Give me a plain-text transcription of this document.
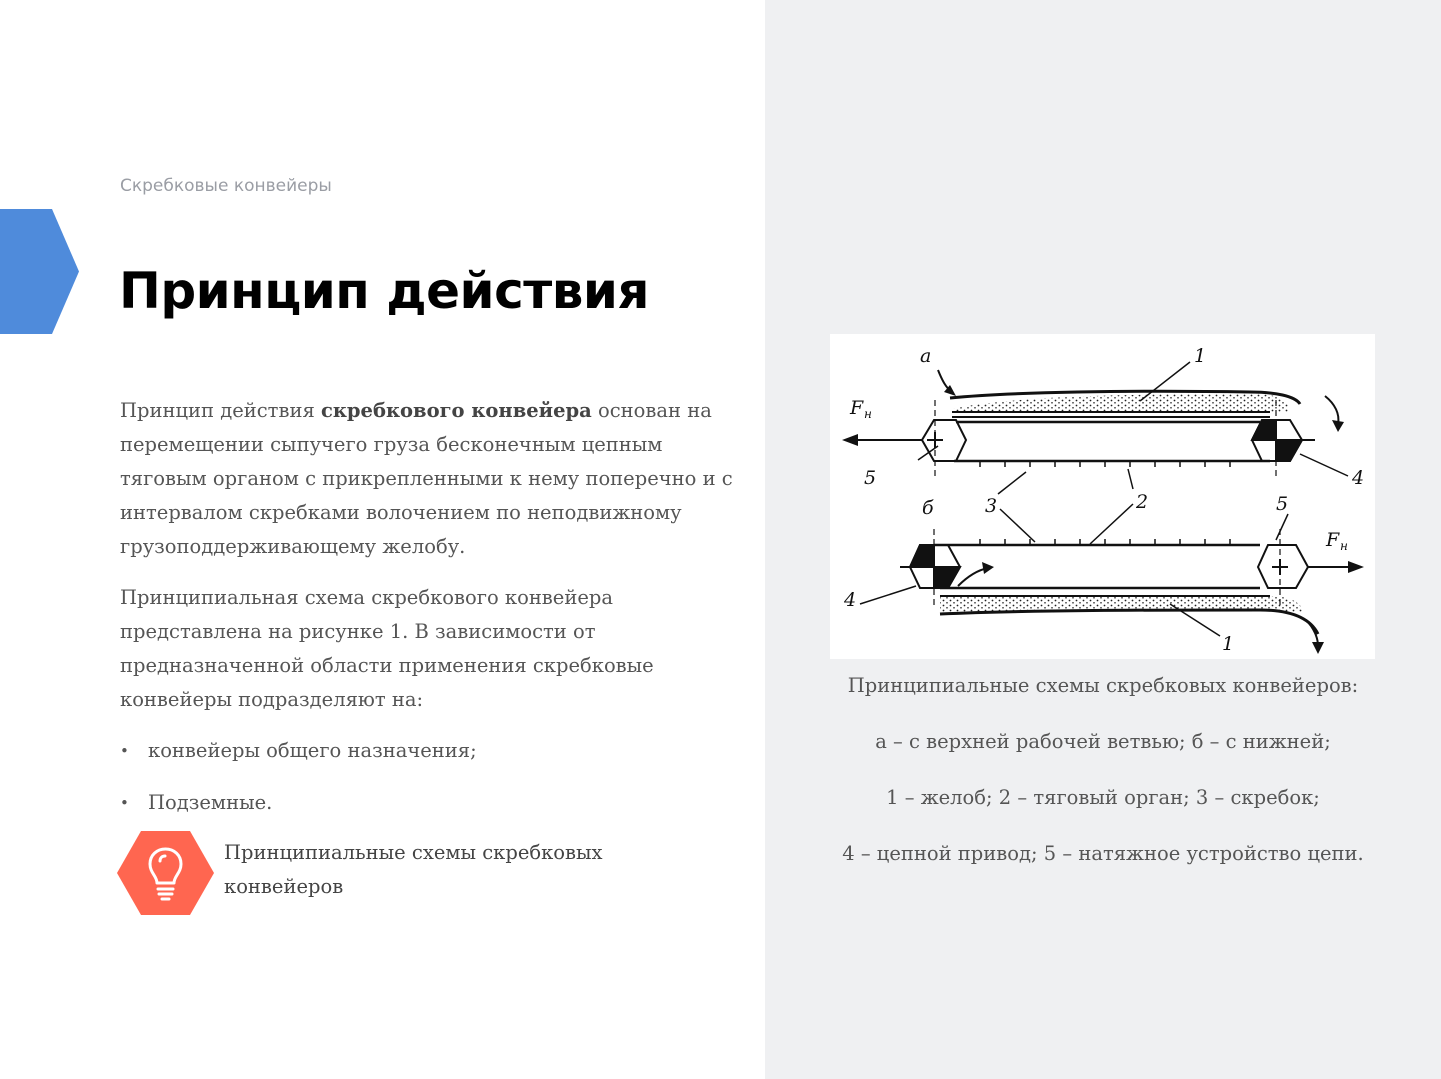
Скребковые конвейеры
Принцип действия

Принцип действия скребкового конвейера основан на перемещении сыпучего груза бесконечным цепным тяговым органом с прикрепленными к нему поперечно и с интервалом скребками волочением по неподвижному грузоподдерживающему желобу.

Принципиальная схема скребкового конвейера представлена на рисунке 1. В зависимости от предназначенной области применения скребковые конвейеры подразделяют на:

• конвейеры общего назначения;
• Подземные.

Принципиальные схемы скребковых конвейеров

а	1
F н
5	4
3	2
б	5
F н
4
1

Принципиальные схемы скребковых конвейеров:

а – с верхней рабочей ветвью; б – с нижней;

1 – желоб; 2 – тяговый орган; 3 – скребок;

4 – цепной привод; 5 – натяжное устройство цепи.
